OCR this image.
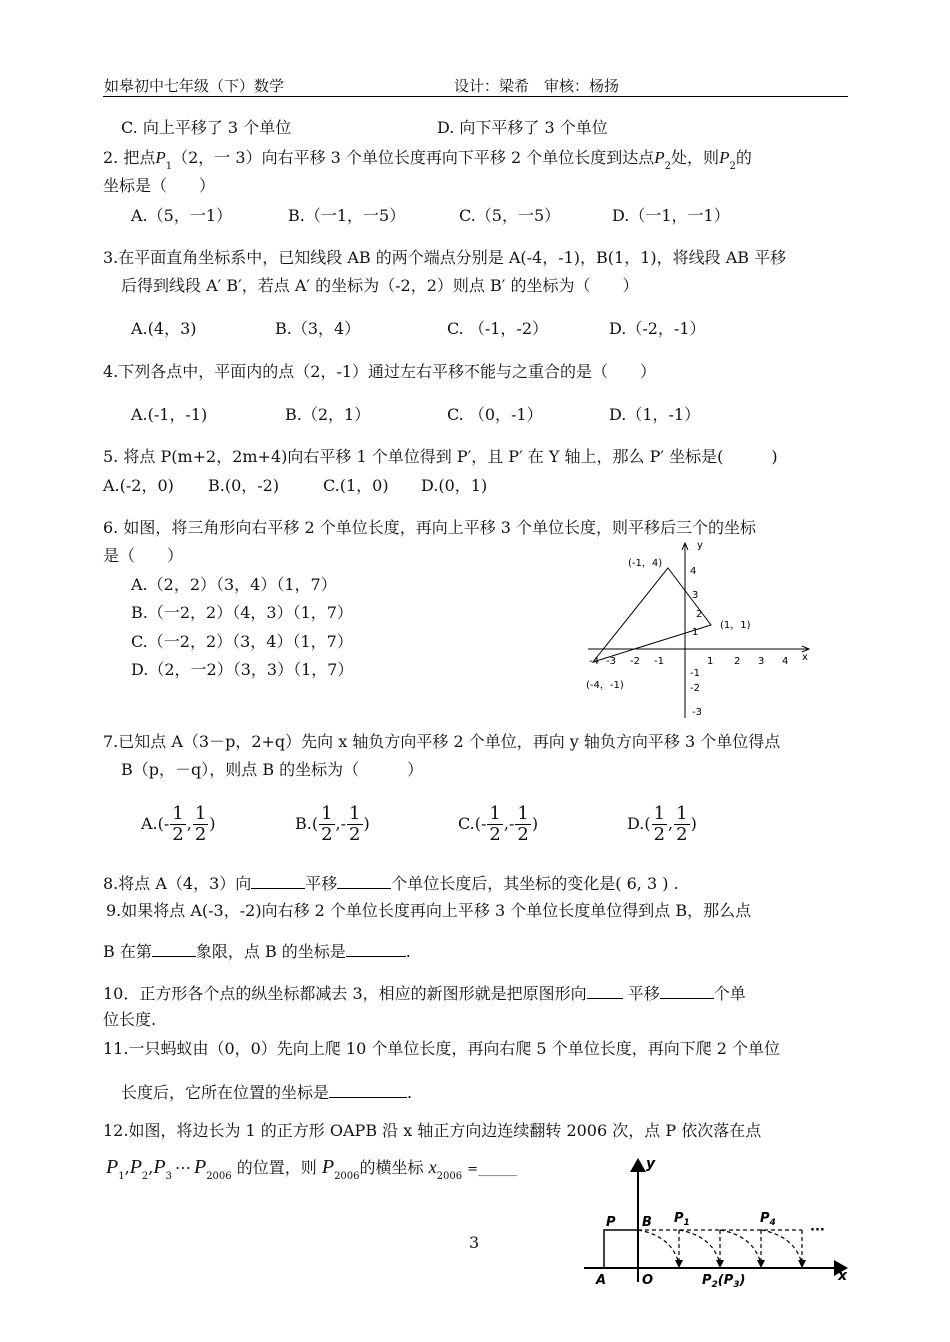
如皋初中七年级（下）数学	设计：梁希　审核：杨扬
C. 向上平移了 3 个单位	D. 向下平移了 3 个单位
2. 把点$P_1(2$，一 3）向右平移 3 个单位长度再向下平移 2 个单位长度到达点$P_2$处，则$P_2$的
坐标是（　　）
A.（5，一1）	B.（一1，一5）	C.（5，一5）	D.（一1，一1）
3.在平面直角坐标系中，已知线段 AB 的两个端点分别是 A(-4，-1)，B(1，1)，将线段 AB 平移
后得到线段 A′ B′，若点 A′ 的坐标为（-2，2）则点 B′ 的坐标为（　　）
A.(4，3)	B.（3，4）	C. （-1，-2）	D.（-2，-1）
4.下列各点中，平面内的点（2，-1）通过左右平移不能与之重合的是（　　）
A.(-1，-1)	B.（2，1）	C. （0，-1）	D.（1，-1）
5. 将点 P(m+2，2m+4)向右平移 1 个单位得到 P′，且 P′ 在 Y 轴上，那么 P′ 坐标是(　　　)
A.(-2，0) B.(0，-2)	C.(1，0) D.(0，1)
6. 如图，将三角形向右平移 2 个单位长度，再向上平移 3 个单位长度，则平移后三个的坐标
是（　　）
A.（2，2）（3，4）（1，7）
B.（一2，2）（4，3）（1，7）
C.（一2，2）（3，4）（1，7）
D.（2，一2）（3，3）（1，7）
x
y
-4 -3 -2 -1	1 2 3 4
4
3
2
1
-1
-2
-3
(-1，4)
(1，1)
(-4，-1)
7.已知点 A（3－p，2+q）先向 x 轴负方向平移 2 个单位，再向 y 轴负方向平移 3 个单位得点
B（p，－q），则点 B 的坐标为（　　　）
$A.(- \frac{1}{2}$ , $\frac{1}{2}$ )	$B.( \frac{1}{2}$ ,- $\frac{1}{2}$ )	$C.(- \frac{1}{2}$ ,- $\frac{1}{2}$ )	$D.( \frac{1}{2}$ , $\frac{1}{2}$ )
8.将点 A（4，3）向	平移	个单位长度后，其坐标的变化是( 6, 3 ) .
9.如果将点 A(-3，-2)向右移 2 个单位长度再向上平移 3 个单位长度单位得到点 B，那么点
B 在第	象限，点 B 的坐标是	.
10．正方形各个点的纵坐标都减去 3，相应的新图形就是把原图形向	平移	个单
位长度.
11.一只蚂蚁由（0，0）先向上爬 10 个单位长度，再向右爬 5 个单位长度，再向下爬 2 个单位
长度后，它所在位置的坐标是	.
12.如图，将边长为 1 的正方形 OAPB 沿 x 轴正方向边连续翻转 2006 次，点 P 依次落在点
$P_1,P_2,P_3$ ⋯ $P_{2006}$ 的位置，则 $P_{2006}$的横坐标 $x_{2006}$ =______	y
x
P B
A	O
$P_1$	$P_4$
$P_2(P_3)$
···
3
